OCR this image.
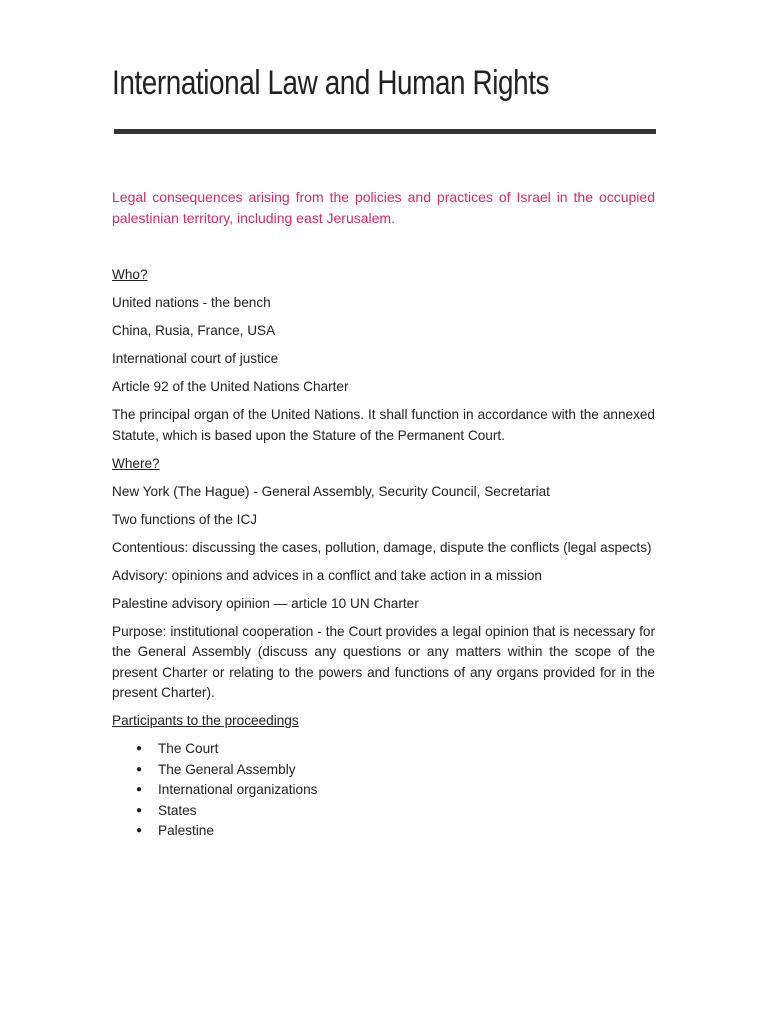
International Law and Human Rights

Legal consequences arising from the policies and practices of Israel in the occupied palestinian territory, including east Jerusalem.

Who?

United nations - the bench

China, Rusia, France, USA

International court of justice

Article 92 of the United Nations Charter

The principal organ of the United Nations. It shall function in accordance with the annexed Statute, which is based upon the Stature of the Permanent Court.

Where?

New York (The Hague) - General Assembly, Security Council, Secretariat

Two functions of the ICJ

Contentious: discussing the cases, pollution, damage, dispute the conflicts (legal aspects)

Advisory: opinions and advices in a conflict and take action in a mission

Palestine advisory opinion — article 10 UN Charter

Purpose: institutional cooperation - the Court provides a legal opinion that is necessary for the General Assembly (discuss any questions or any matters within the scope of the present Charter or relating to the powers and functions of any organs provided for in the present Charter).

Participants to the proceedings

● The Court
● The General Assembly
● International organizations
● States
● Palestine
